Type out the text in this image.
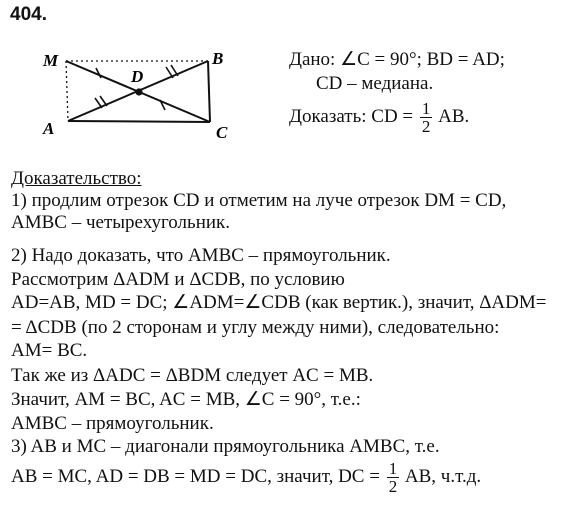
404.
M	B
D
A	C
Дано: ∠C = 90°; BD = AD;
CD – медиана.
Доказать: CD = $\frac{1}{2}$ AB.
Доказательство:
1) продлим отрезок CD и отметим на луче отрезок DM = CD,
AMBC – четырехугольник.
2) Надо доказать, что AMBC – прямоугольник.
Рассмотрим ΔADM и ΔCDB, по условию
AD=AB, MD = DC; ∠ADM=∠CDB (как вертик.), значит, ΔADM=
= ΔCDB (по 2 сторонам и углу между ними), следовательно:
AM= BC.
Так же из ΔADC = ΔBDM следует AC = MB.
Значит, AM = BC, AC = MB, ∠C = 90°, т.е.:
AMBC – прямоугольник.
3) AB и MC – диагонали прямоугольника AMBC, т.е.
AB = MC, AD = DB = MD = DC, значит, DC = $\frac{1}{2}$ AB, ч.т.д.
